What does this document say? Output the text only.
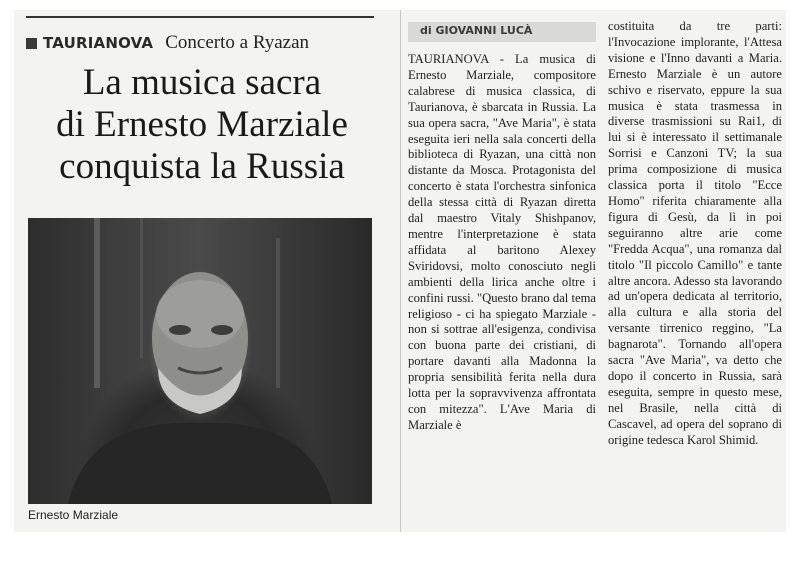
TAURIANOVA Concerto a Ryazan
La musica sacra
di Ernesto Marziale
conquista la Russia
Ernesto Marziale
di GIOVANNI LUCÀ

TAURIANOVA - La musica di Ernesto Marziale, compositore calabrese di musica classica, di Taurianova, è sbarcata in Russia. La sua opera sacra, "Ave Maria", è stata eseguita ieri nella sala concerti della biblioteca di Ryazan, una città non distante da Mosca. Protagonista del concerto è stata l'orchestra sinfonica della stessa città di Ryazan diretta dal maestro Vitaly Shishpanov, mentre l'interpretazione è stata affidata al baritono Alexey Sviridovsi, molto conosciuto negli ambienti della lirica anche oltre i confini russi. "Questo brano dal tema religioso - ci ha spiegato Marziale - non si sottrae all'esigenza, condivisa con buona parte dei cristiani, di portare davanti alla Madonna la propria sensibilità ferita nella dura lotta per la sopravvivenza affrontata con mitezza". L'Ave Maria di Marziale è

costituita da tre parti: l'Invocazione implorante, l'Attesa visione e l'Inno davanti a Maria. Ernesto Marziale è un autore schivo e riservato, eppure la sua musica è stata trasmessa in diverse trasmissioni su Rai1, di lui si è interessato il settimanale Sorrisi e Canzoni TV; la sua prima composizione di musica classica porta il titolo "Ecce Homo" riferita chiaramente alla figura di Gesù, da lì in poi seguiranno altre arie come "Fredda Acqua", una romanza dal titolo "Il piccolo Camillo" e tante altre ancora. Adesso sta lavorando ad un'opera dedicata al territorio, alla cultura e alla storia del versante tirrenico reggino, "La bagnarota". Tornando all'opera sacra "Ave Maria", va detto che dopo il concerto in Russia, sarà eseguita, sempre in questo mese, nel Brasile, nella città di Cascavel, ad opera del soprano di origine tedesca Karol Shimid.
